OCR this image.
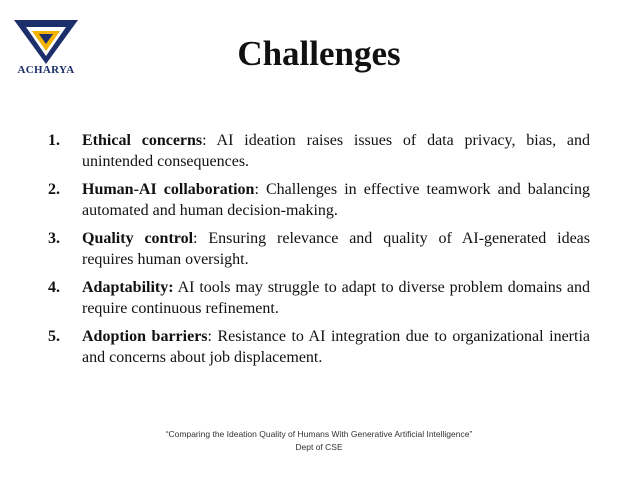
ACHARYA	Challenges
1.	Ethical concerns: AI ideation raises issues of data privacy, bias, and unintended consequences.
2.	Human-AI collaboration: Challenges in effective teamwork and balancing automated and human decision-making.
3.	Quality control: Ensuring relevance and quality of AI-generated ideas requires human oversight.
4.	Adaptability: AI tools may struggle to adapt to diverse problem domains and require continuous refinement.
5.	Adoption barriers: Resistance to AI integration due to organizational inertia and concerns about job displacement.
“Comparing the Ideation Quality of Humans With Generative Artificial Intelligence”
Dept of CSE
